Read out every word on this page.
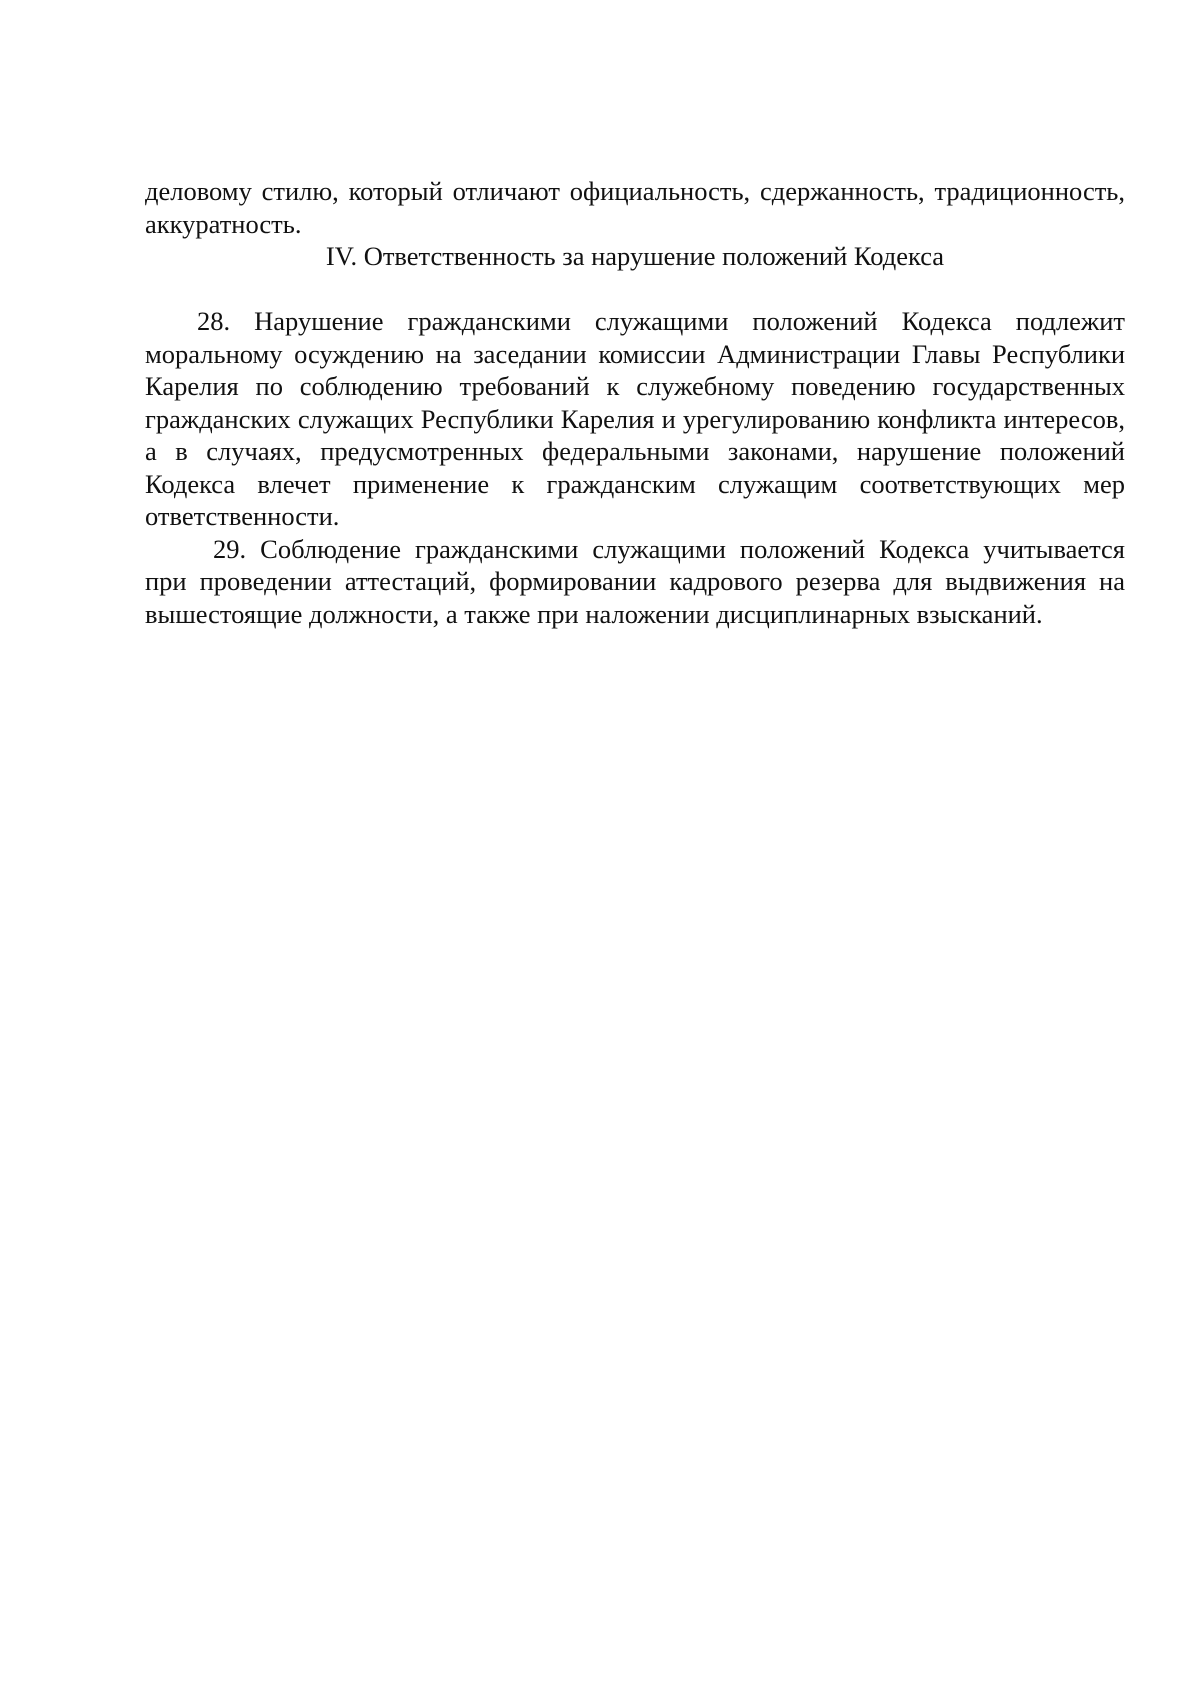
деловому стилю, который отличают официальность, сдержанность, традиционность, аккуратность.

IV. Ответственность за нарушение положений Кодекса

28. Нарушение гражданскими служащими положений Кодекса подлежит моральному осуждению на заседании комиссии Администрации Главы Республики Карелия по соблюдению требований к служебному поведению государственных гражданских служащих Республики Карелия и урегулированию конфликта интересов, а в случаях, предусмотренных федеральными законами, нарушение положений Кодекса влечет применение к гражданским служащим соответствующих мер ответственности.

29. Соблюдение гражданскими служащими положений Кодекса учитывается при проведении аттестаций, формировании кадрового резерва для выдвижения на вышестоящие должности, а также при наложении дисциплинарных взысканий.
